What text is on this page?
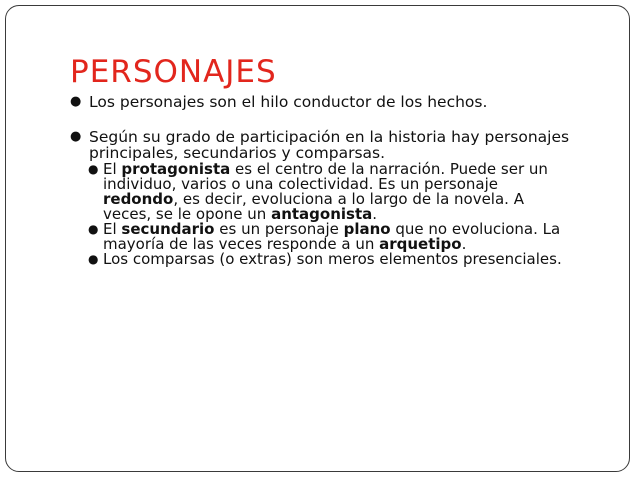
PERSONAJES
● Los personajes son el hilo conductor de los hechos.
● Según su grado de participación en la historia hay personajes
principales, secundarios y comparsas.
● El protagonista es el centro de la narración. Puede ser un
individuo, varios o una colectividad. Es un personaje
redondo, es decir, evoluciona a lo largo de la novela. A
veces, se le opone un antagonista.
● El secundario es un personaje plano que no evoluciona. La
mayoría de las veces responde a un arquetipo.
● Los comparsas (o extras) son meros elementos presenciales.
